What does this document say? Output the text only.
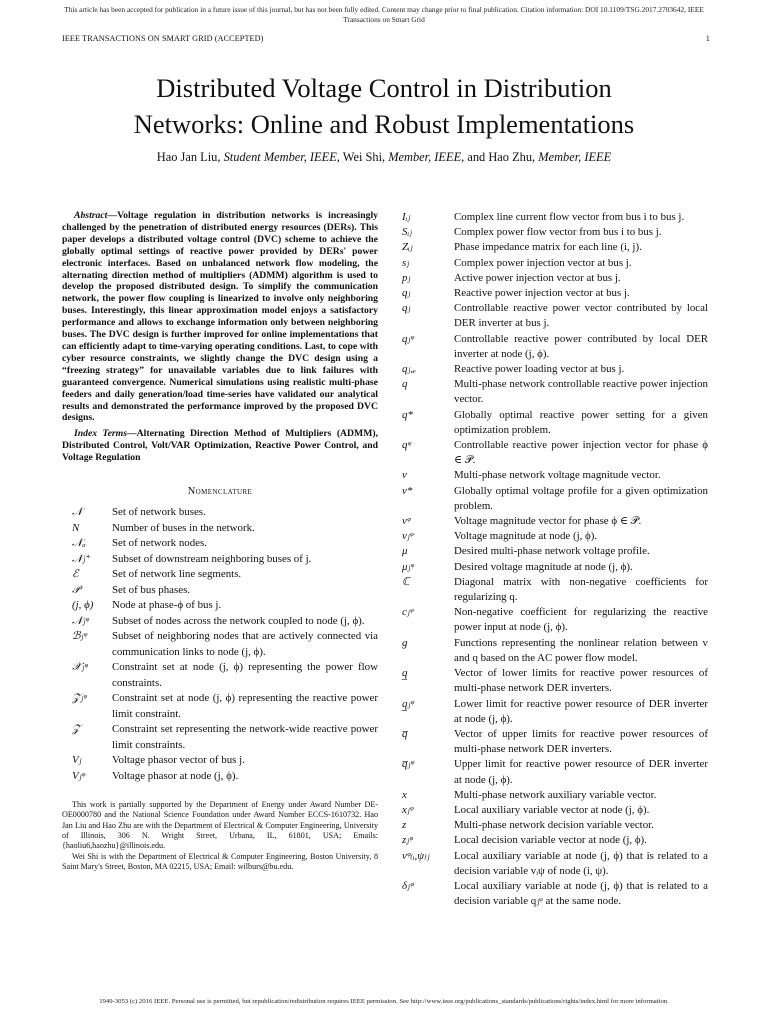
This article has been accepted for publication in a future issue of this journal, but has not been fully edited. Content may change prior to final publication. Citation information: DOI 10.1109/TSG.2017.2703642, IEEE
Transactions on Smart Grid
IEEE TRANSACTIONS ON SMART GRID (ACCEPTED)	1
Distributed Voltage Control in Distribution
Networks: Online and Robust Implementations
Hao Jan Liu, Student Member, IEEE, Wei Shi, Member, IEEE, and Hao Zhu, Member, IEEE

Abstract—Voltage regulation in distribution networks is increasingly challenged by the penetration of distributed energy resources (DERs). This paper develops a distributed voltage control (DVC) scheme to achieve the globally optimal settings of reactive power provided by DERs' power electronic interfaces. Based on unbalanced network flow modeling, the alternating direction method of multipliers (ADMM) algorithm is used to develop the proposed distributed design. To simplify the communication network, the power flow coupling is linearized to involve only neighboring buses. Interestingly, this linear approximation model enjoys a satisfactory performance and allows to exchange information only between neighboring buses. The DVC design is further improved for online implementations that can efficiently adapt to time-varying operating conditions. Last, to cope with cyber resource constraints, we slightly change the DVC design using a “freezing strategy” for unavailable variables due to link failures with guaranteed convergence. Numerical simulations using realistic multi-phase feeders and daily generation/load time-series have validated our analytical results and demonstrated the performance improved by the proposed DVC designs.

Index Terms—Alternating Direction Method of Multipliers (ADMM), Distributed Control, Volt/VAR Optimization, Reactive Power Control, and Voltage Regulation

Nomenclature
𝒩	Set of network buses.
N	Number of buses in the network.
𝒩ₐ	Set of network nodes.
𝒩ⱼ⁺	Subset of downstream neighboring buses of j.
ℰ	Set of network line segments.
𝒫	Set of bus phases.
(j, ϕ)	Node at phase-ϕ of bus j.
𝒩ⱼᵠ	Subset of nodes across the network coupled to node (j, ϕ).
ℬⱼᵠ	Subset of neighboring nodes that are actively connected via communication links to node (j, ϕ).
𝒳ⱼᵠ	Constraint set at node (j, ϕ) representing the power flow constraints.
𝒵ⱼᵠ	Constraint set at node (j, ϕ) representing the reactive power limit constraint.
𝒵	Constraint set representing the network-wide reactive power limit constraints.
Vⱼ	Voltage phasor vector of bus j.
Vⱼᵠ	Voltage phasor at node (j, ϕ).

This work is partially supported by the Department of Energy under Award Number DE-OE0000780 and the National Science Foundation under Award Number ECCS-1610732. Hao Jan Liu and Hao Zhu are with the Department of Electrical & Computer Engineering, University of Illinois, 306 N. Wright Street, Urbana, IL, 61801, USA; Emails: {haoliu6,haozhu}@illinois.edu.

Wei Shi is with the Department of Electrical & Computer Engineering, Boston University, 8 Saint Mary's Street, Boston, MA 02215, USA; Email: wilburs@bu.edu.

Iᵢⱼ	Complex line current flow vector from bus i to bus j.
Sᵢⱼ	Complex power flow vector from bus i to bus j.
Zᵢⱼ	Phase impedance matrix for each line (i, j).
sⱼ	Complex power injection vector at bus j.
pⱼ	Active power injection vector at bus j.
qⱼ	Reactive power injection vector at bus j.
qⱼ	Controllable reactive power vector contributed by local DER inverter at bus j.
qⱼᵠ	Controllable reactive power contributed by local DER inverter at node (j, ϕ).
qⱼ,ₑ	Reactive power loading vector at bus j.
q	Multi-phase network controllable reactive power injection vector.
q*	Globally optimal reactive power setting for a given optimization problem.
qᵠ	Controllable reactive power injection vector for phase ϕ ∈ 𝒫.
v	Multi-phase network voltage magnitude vector.
v*	Globally optimal voltage profile for a given optimization problem.
vᵠ	Voltage magnitude vector for phase ϕ ∈ 𝒫.
vⱼᵠ	Voltage magnitude at node (j, ϕ).
μ	Desired multi-phase network voltage profile.
μⱼᵠ	Desired voltage magnitude at node (j, ϕ).
ℂ	Diagonal matrix with non-negative coefficients for regularizing q.
cⱼᵠ	Non-negative coefficient for regularizing the reactive power input at node (j, ϕ).
g	Functions representing the nonlinear relation between v and q based on the AC power flow model.
q̲	Vector of lower limits for reactive power resources of multi-phase network DER inverters.
q̲ⱼᵠ	Lower limit for reactive power resource of DER inverter at node (j, ϕ).
q̅	Vector of upper limits for reactive power resources of multi-phase network DER inverters.
q̅ⱼᵠ	Upper limit for reactive power resource of DER inverter at node (j, ϕ).
x	Multi-phase network auxiliary variable vector.
xⱼᵠ	Local auxiliary variable vector at node (j, ϕ).
z	Multi-phase network decision variable vector.
zⱼᵠ	Local decision variable vector at node (j, ϕ).
νᵠ₍ᵢ,ψ₎ⱼ	Local auxiliary variable at node (j, ϕ) that is related to a decision variable vᵢψ of node (i, ψ).
δⱼᵠ	Local auxiliary variable at node (j, ϕ) that is related to a decision variable qⱼᵠ at the same node.
1949-3053 (c) 2016 IEEE. Personal use is permitted, but republication/redistribution requires IEEE permission. See http://www.ieee.org/publications_standards/publications/rights/index.html for more information.
